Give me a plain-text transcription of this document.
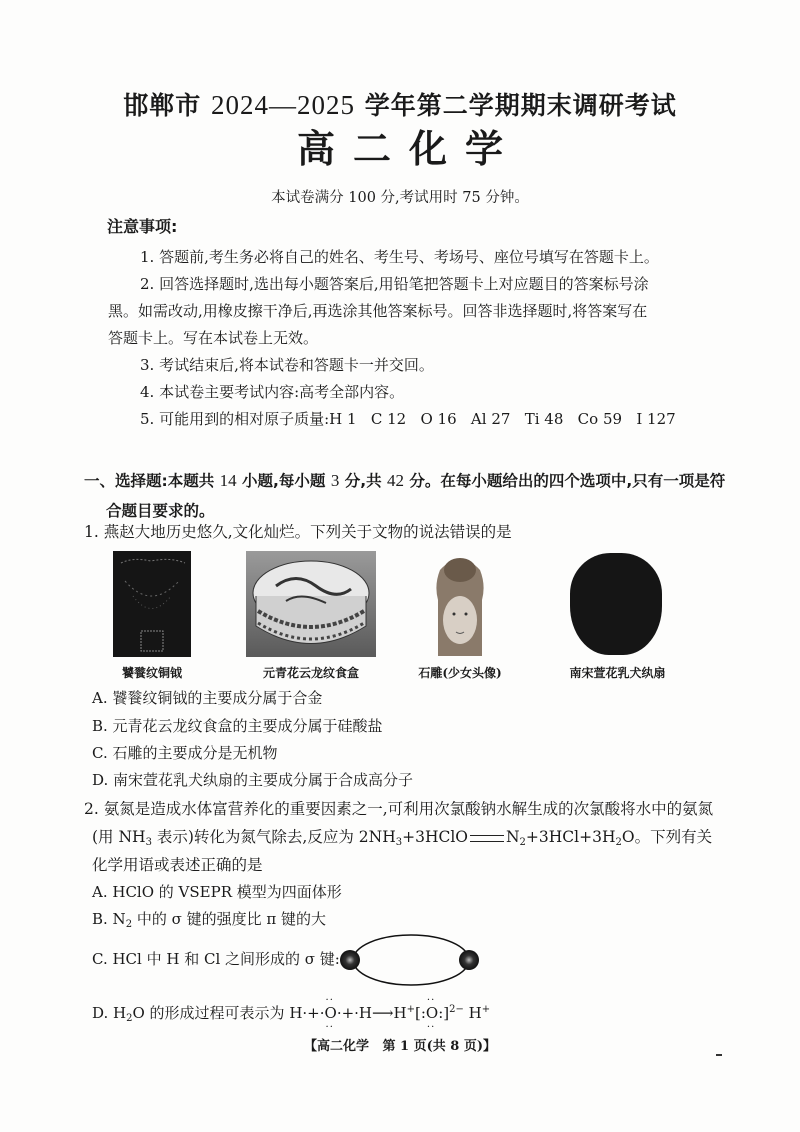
邯郸市 2024—2025 学年第二学期期末调研考试
高二化学
本试卷满分 100 分,考试用时 75 分钟。
注意事项:
1. 答题前,考生务必将自己的姓名、考生号、考场号、座位号填写在答题卡上。
2. 回答选择题时,选出每小题答案后,用铅笔把答题卡上对应题目的答案标号涂
黑。如需改动,用橡皮擦干净后,再选涂其他答案标号。回答非选择题时,将答案写在
答题卡上。写在本试卷上无效。
3. 考试结束后,将本试卷和答题卡一并交回。
4. 本试卷主要考试内容:高考全部内容。
5. 可能用到的相对原子质量:H 1   C 12   O 16   Al 27   Ti 48   Co 59   I 127
一、选择题:本题共 14 小题,每小题 3 分,共 42 分。在每小题给出的四个选项中,只有一项是符
合题目要求的。
1. 燕赵大地历史悠久,文化灿烂。下列关于文物的说法错误的是
饕餮纹铜钺	元青花云龙纹食盒	石雕(少女头像)	南宋萱花乳犬纨扇
A. 饕餮纹铜钺的主要成分属于合金
B. 元青花云龙纹食盒的主要成分属于硅酸盐
C. 石雕的主要成分是无机物
D. 南宋萱花乳犬纨扇的主要成分属于合成高分子
2. 氨氮是造成水体富营养化的重要因素之一,可利用次氯酸钠水解生成的次氯酸将水中的氨氮
(用 $NH_3$ 表示)转化为氮气除去,反应为 $2NH_3+3HClO$ $N_2+3HCl+3H_2O$。下列有关
化学用语或表述正确的是
A. HClO 的 VSEPR 模型为四面体形
B. $N_2$ 中的 σ 键的强度比 π 键的大
C. HCl 中 H 和 Cl 之间形成的 σ 键:
D. $H_2O$ 的形成过程可表示为 H·+·
··
O
··
·+·H⟶H+[:
··
O
··
:]$^{2-}$ H+
【高二化学   第 1 页(共 8 页)】
